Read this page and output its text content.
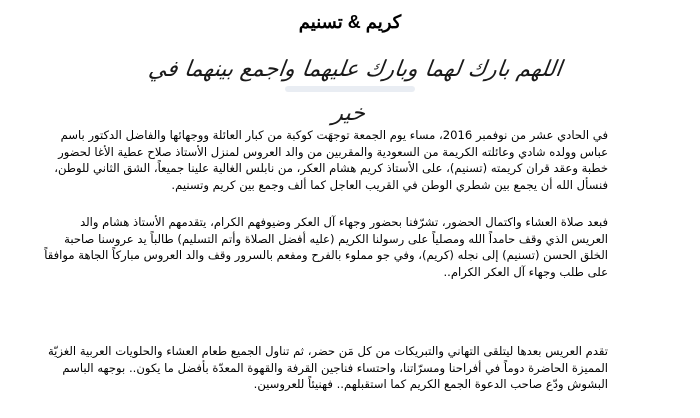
كريم & تسنيم
اللهم بارك لهما وبارك عليهما واجمع بينهما في خير
في الحادي عشر من نوفمبر 2016، مساء يوم الجمعة توجهَت كوكبة من كبار العائلة ووجهائها والفاضل الدكتور باسم
عباس وولده شادي وعائلته الكريمة من السعودية والمقربين من والد العروس لمنزل الأستاذ صلاح عطية الأغا لحضور
خطبة وعقد قران كريمته (تسنيم)، على الأستاذ كريم هشام العكر، من نابلس الغالية علينا جميعاً، الشق الثاني للوطن،
فنسأل الله أن يجمع بين شطري الوطن في القريب العاجل كما ألف وجمع بين كريم وتسنيم.
فبعد صلاة العشاء واكتمال الحضور، تشرّفنا بحضور وجهاء آل العكر وضيوفهم الكرام، يتقدمهم الأستاذ هشام والد
العريس الذي وقف حامداً الله ومصلياً على رسولنا الكريم (عليه أفضل الصلاة وأتم التسليم) طالباً يد عروسنا صاحبة
الخلق الحسن (تسنيم) إلى نجله (كريم)، وفي جو مملوء بالفرح ومفعم بالسرور وقف والد العروس مباركاً الجاهة موافقاً
على طلب وجهاء آل العكر الكرام..
تقدم العريس بعدها ليتلقى التهاني والتبريكات من كل مَن حضر، ثم تناول الجميع طعام العشاء والحلويات العربية الغزيّة
المميزة الحاضرة دوماً في أفراحنا ومسرّاتنا، واحتساء فناجين القرفة والقهوة المعدّة بأفضل ما يكون.. بوجهه الباسم
البشوش ودّع صاحب الدعوة الجمع الكريم كما استقبلهم.. فهنيئاً للعروسين.
